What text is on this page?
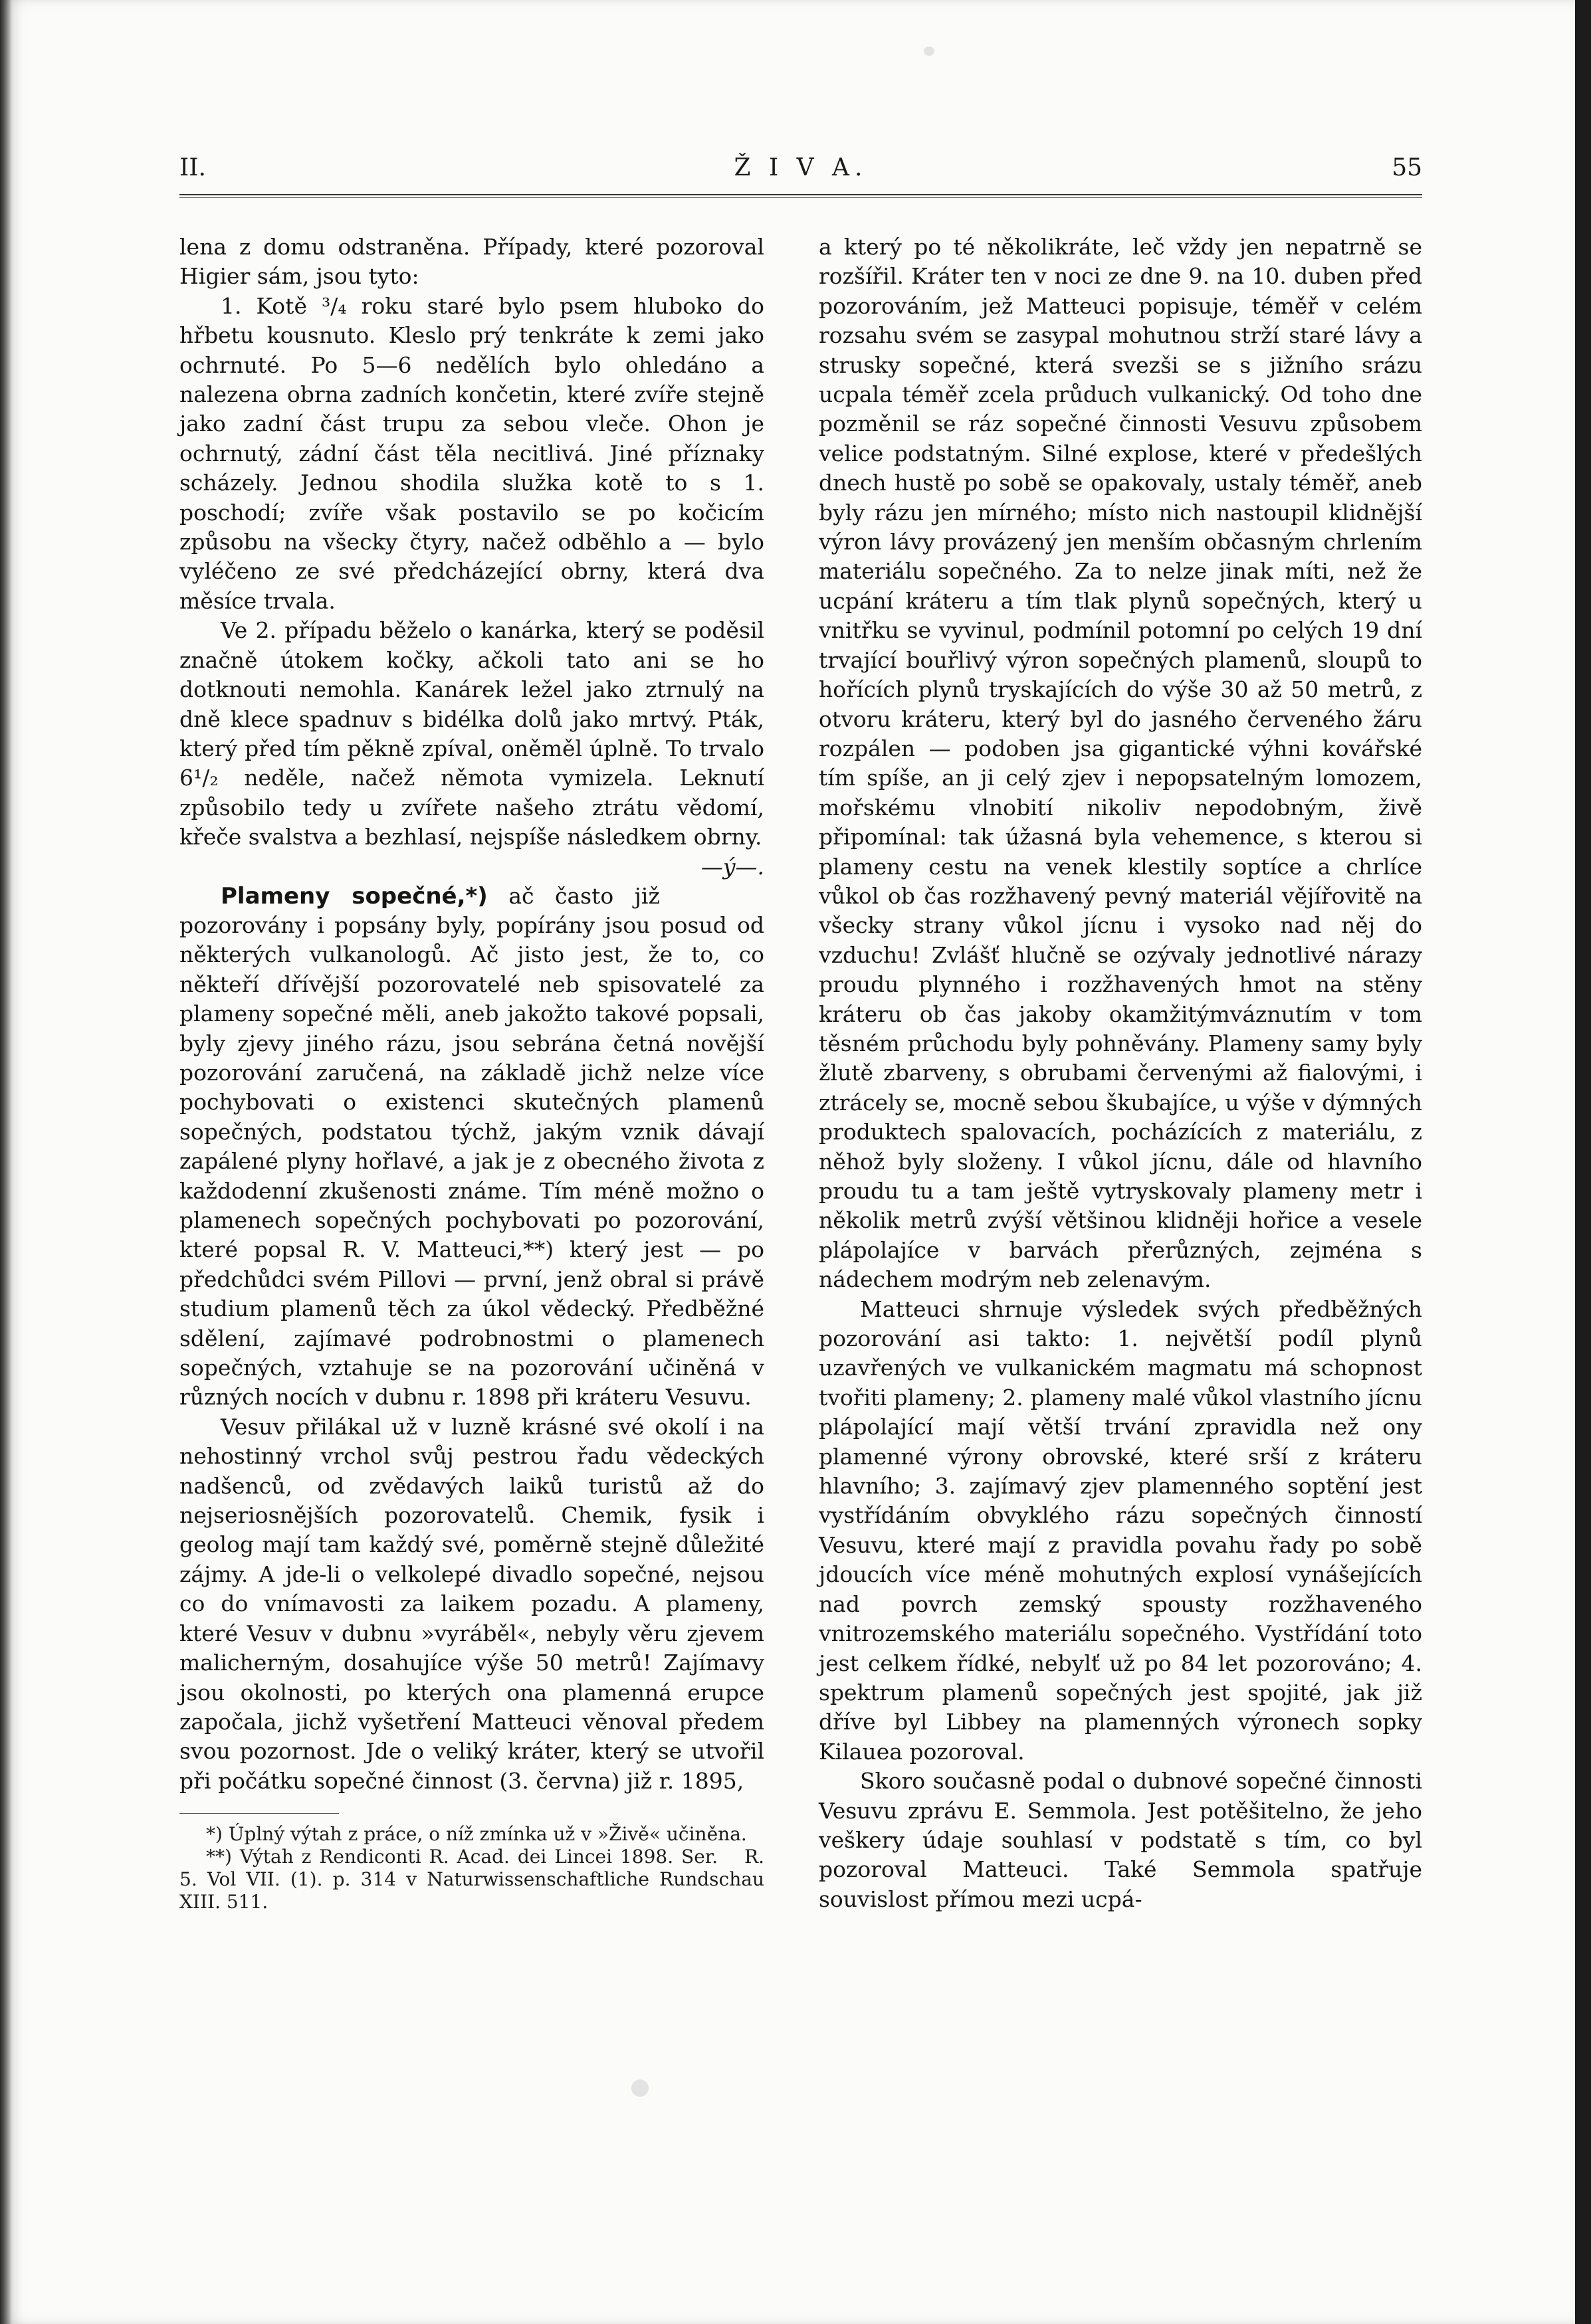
II.	Ž I V A.	55

lena z domu odstraněna. Případy, které pozoroval Higier sám, jsou tyto:

1. Kotě ³/₄ roku staré bylo psem hluboko do hřbetu kousnuto. Kleslo prý tenkráte k zemi jako ochrnuté. Po 5—6 nedělích bylo ohledáno a nalezena obrna zadních končetin, které zvíře stejně jako zadní část trupu za sebou vleče. Ohon je ochrnutý, zádní část těla necitlivá. Jiné příznaky scházely. Jednou shodila služka kotě to s 1. poschodí; zvíře však postavilo se po kočicím způsobu na všecky čtyry, načež odběhlo a — bylo vyléčeno ze své předcházející obrny, která dva měsíce trvala.

Ve 2. případu běželo o kanárka, který se poděsil značně útokem kočky, ačkoli tato ani se ho dotknouti nemohla. Kanárek ležel jako ztrnulý na dně klece spadnuv s bidélka dolů jako mrtvý. Pták, který před tím pěkně zpíval, oněměl úplně. To trvalo 6¹/₂ neděle, načež němota vymizela. Leknutí způsobilo tedy u zvířete našeho ztrátu vědomí, křeče svalstva a bezhlasí, nejspíše následkem obrny.
—ý—.

Plameny sopečné,*) ač často již pozorovány i popsány byly, popírány jsou posud od některých vulkanologů. Ač jisto jest, že to, co někteří dřívější pozorovatelé neb spisovatelé za plameny sopečné měli, aneb jakožto takové popsali, byly zjevy jiného rázu, jsou sebrána četná novější pozorování zaručená, na základě jichž nelze více pochybovati o existenci skutečných plamenů sopečných, podstatou týchž, jakým vznik dávají zapálené plyny hořlavé, a jak je z obecného života z každodenní zkušenosti známe. Tím méně možno o plamenech sopečných pochybovati po pozorování, které popsal R. V. Matteuci,**) který jest — po předchůdci svém Pillovi — první, jenž obral si právě studium plamenů těch za úkol vědecký. Předběžné sdělení, zajímavé podrobnostmi o plamenech sopečných, vztahuje se na pozorování učiněná v různých nocích v dubnu r. 1898 při kráteru Vesuvu.

Vesuv přilákal už v luzně krásné své okolí i na nehostinný vrchol svůj pestrou řadu vědeckých nadšenců, od zvědavých laiků turistů až do nejseriosnějších pozorovatelů. Chemik, fysik i geolog mají tam každý své, poměrně stejně důležité zájmy. A jde-li o velkolepé divadlo sopečné, nejsou co do vnímavosti za laikem pozadu. A plameny, které Vesuv v dubnu »vyráběl«, nebyly věru zjevem malicherným, dosahujíce výše 50 metrů! Zajímavy jsou okolnosti, po kterých ona plamenná erupce započala, jichž vyšetření Matteuci věnoval předem svou pozornost. Jde o veliký kráter, který se utvořil při počátku sopečné činnost (3. června) již r. 1895,

*) Úplný výtah z práce, o níž zmínka už v »Živě« učiněna.
R.

**) Výtah z Rendiconti R. Acad. dei Lincei 1898. Ser. 5. Vol VII. (1). p. 314 v Naturwissenschaftliche Rundschau XIII. 511.

a který po té několikráte, leč vždy jen nepatrně se rozšířil. Kráter ten v noci ze dne 9. na 10. duben před pozorováním, jež Matteuci popisuje, téměř v celém rozsahu svém se zasypal mohutnou strží staré lávy a strusky sopečné, která svezši se s jižního srázu ucpala téměř zcela průduch vulkanický. Od toho dne pozměnil se ráz sopečné činnosti Vesuvu způsobem velice podstatným. Silné explose, které v předešlých dnech hustě po sobě se opakovaly, ustaly téměř, aneb byly rázu jen mírného; místo nich nastoupil klidnější výron lávy provázený jen menším občasným chrlením materiálu sopečného. Za to nelze jinak míti, než že ucpání kráteru a tím tlak plynů sopečných, který u vnitřku se vyvinul, podmínil potomní po celých 19 dní trvající bouřlivý výron sopečných plamenů, sloupů to hořících plynů tryskajících do výše 30 až 50 metrů, z otvoru kráteru, který byl do jasného červeného žáru rozpálen — podoben jsa gigantické výhni kovářské tím spíše, an ji celý zjev i nepopsatelným lomozem, mořskému vlnobití nikoliv nepodobným, živě připomínal: tak úžasná byla vehemence, s kterou si plameny cestu na venek klestily soptíce a chrlíce vůkol ob čas rozžhavený pevný materiál vějířovitě na všecky strany vůkol jícnu i vysoko nad něj do vzduchu! Zvlášť hlučně se ozývaly jednotlivé nárazy proudu plynného i rozžhavených hmot na stěny kráteru ob čas jakoby okamžitýmváznutím v tom těsném průchodu byly pohněvány. Plameny samy byly žlutě zbarveny, s obrubami červenými až fialovými, i ztrácely se, mocně sebou škubajíce, u výše v dýmných produktech spalovacích, pocházících z materiálu, z něhož byly složeny. I vůkol jícnu, dále od hlavního proudu tu a tam ještě vytryskovaly plameny metr i několik metrů zvýší většinou klidněji hořice a vesele plápolajíce v barvách přerůzných, zejména s nádechem modrým neb zelenavým.

Matteuci shrnuje výsledek svých předběžných pozorování asi takto: 1. největší podíl plynů uzavřených ve vulkanickém magmatu má schopnost tvořiti plameny; 2. plameny malé vůkol vlastního jícnu plápolající mají větší trvání zpravidla než ony plamenné výrony obrovské, které srší z kráteru hlavního; 3. zajímavý zjev plamenného soptění jest vystřídáním obvyklého rázu sopečných činností Vesuvu, které mají z pravidla povahu řady po sobě jdoucích více méně mohutných explosí vynášejících nad povrch zemský spousty rozžhaveného vnitrozemského materiálu sopečného. Vystřídání toto jest celkem řídké, nebylť už po 84 let pozorováno; 4. spektrum plamenů sopečných jest spojité, jak již dříve byl Libbey na plamenných výronech sopky Kilauea pozoroval.

Skoro současně podal o dubnové sopečné činnosti Vesuvu zprávu E. Semmola. Jest potěšitelno, že jeho veškery údaje souhlasí v podstatě s tím, co byl pozoroval Matteuci. Také Semmola spatřuje souvislost přímou mezi ucpá-
